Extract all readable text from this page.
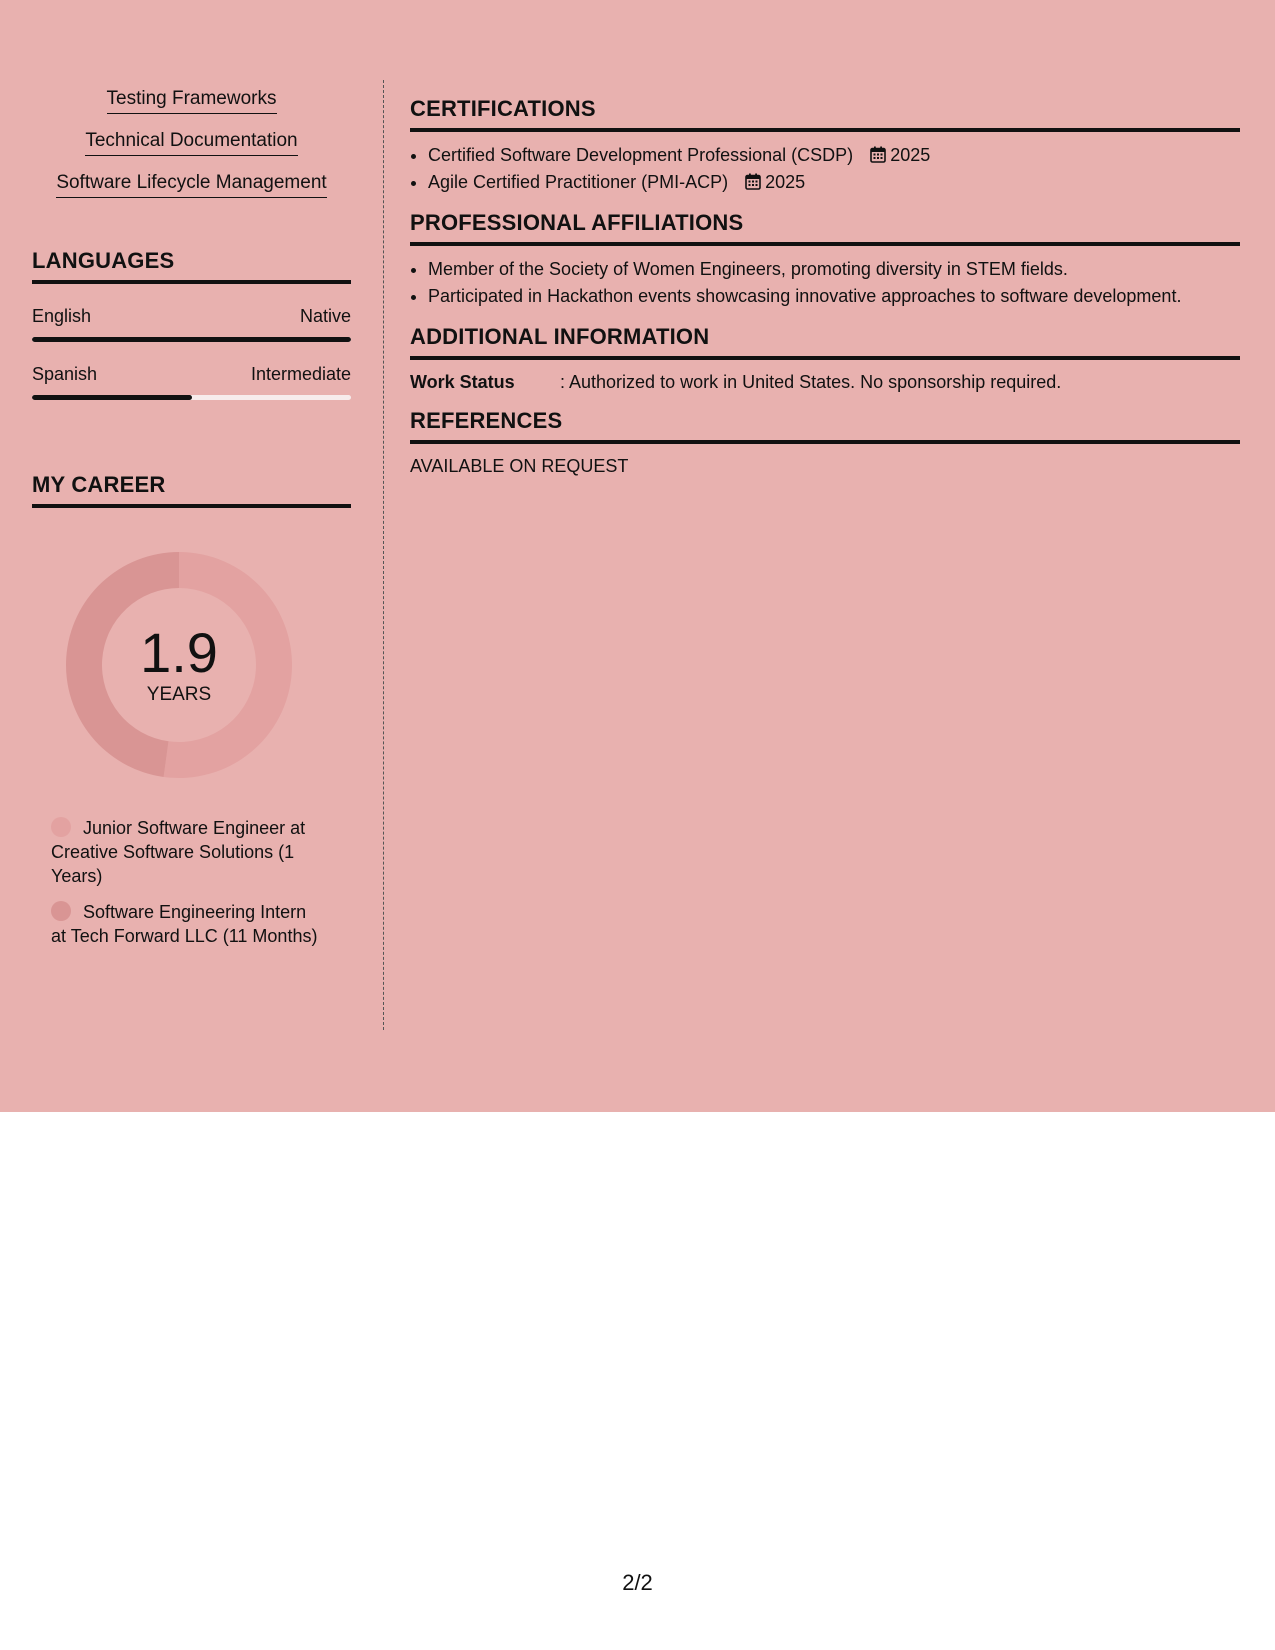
Testing Frameworks
Technical Documentation
Software Lifecycle Management
LANGUAGES
English	Native
Spanish	Intermediate
MY CAREER
1.9
YEARS
Junior Software Engineer at Creative Software Solutions (1 Years)
Software Engineering Intern at Tech Forward LLC (11 Months)
CERTIFICATIONS
• Certified Software Development Professional (CSDP) 2025
• Agile Certified Practitioner (PMI-ACP) 2025
PROFESSIONAL AFFILIATIONS
• Member of the Society of Women Engineers, promoting diversity in STEM fields.
• Participated in Hackathon events showcasing innovative approaches to software development.
ADDITIONAL INFORMATION
Work Status	: Authorized to work in United States. No sponsorship required.
REFERENCES
AVAILABLE ON REQUEST
2/2
